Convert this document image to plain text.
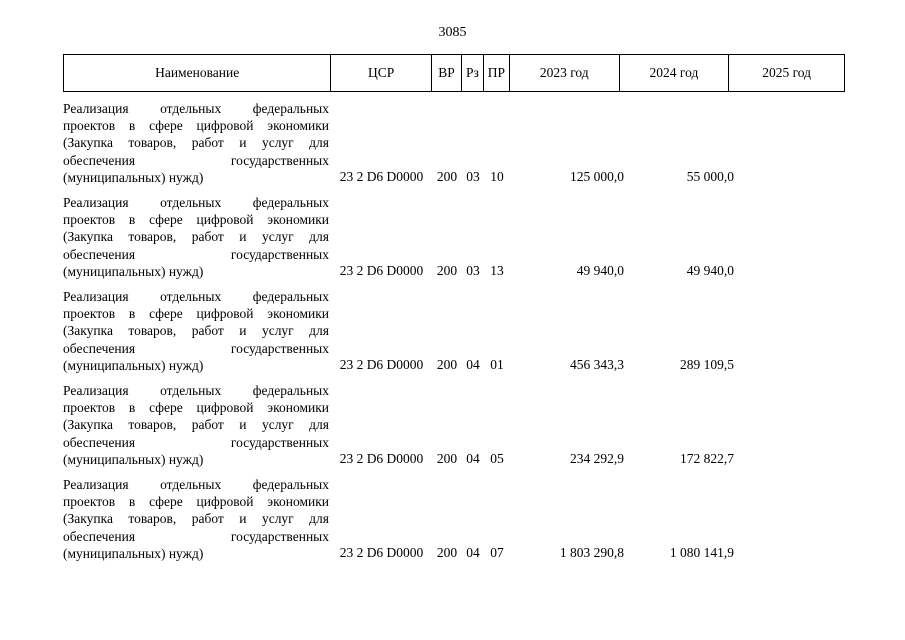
3085
Наименование	ЦСР	ВР Рз ПР	2023 год	2024 год	2025 год
Реализация отдельных федеральных
проектов в сфере цифровой экономики
(Закупка товаров, работ и услуг для
обеспечения государственных
(муниципальных) нужд)	23 2 D6 D0000	200 03 10	125 000,0	55 000,0
Реализация отдельных федеральных
проектов в сфере цифровой экономики
(Закупка товаров, работ и услуг для
обеспечения государственных
(муниципальных) нужд)	23 2 D6 D0000	200 03 13	49 940,0	49 940,0
Реализация отдельных федеральных
проектов в сфере цифровой экономики
(Закупка товаров, работ и услуг для
обеспечения государственных
(муниципальных) нужд)	23 2 D6 D0000	200 04 01	456 343,3	289 109,5
Реализация отдельных федеральных
проектов в сфере цифровой экономики
(Закупка товаров, работ и услуг для
обеспечения государственных
(муниципальных) нужд)	23 2 D6 D0000	200 04 05	234 292,9	172 822,7
Реализация отдельных федеральных
проектов в сфере цифровой экономики
(Закупка товаров, работ и услуг для
обеспечения государственных
(муниципальных) нужд)	23 2 D6 D0000	200 04 07	1 803 290,8	1 080 141,9
